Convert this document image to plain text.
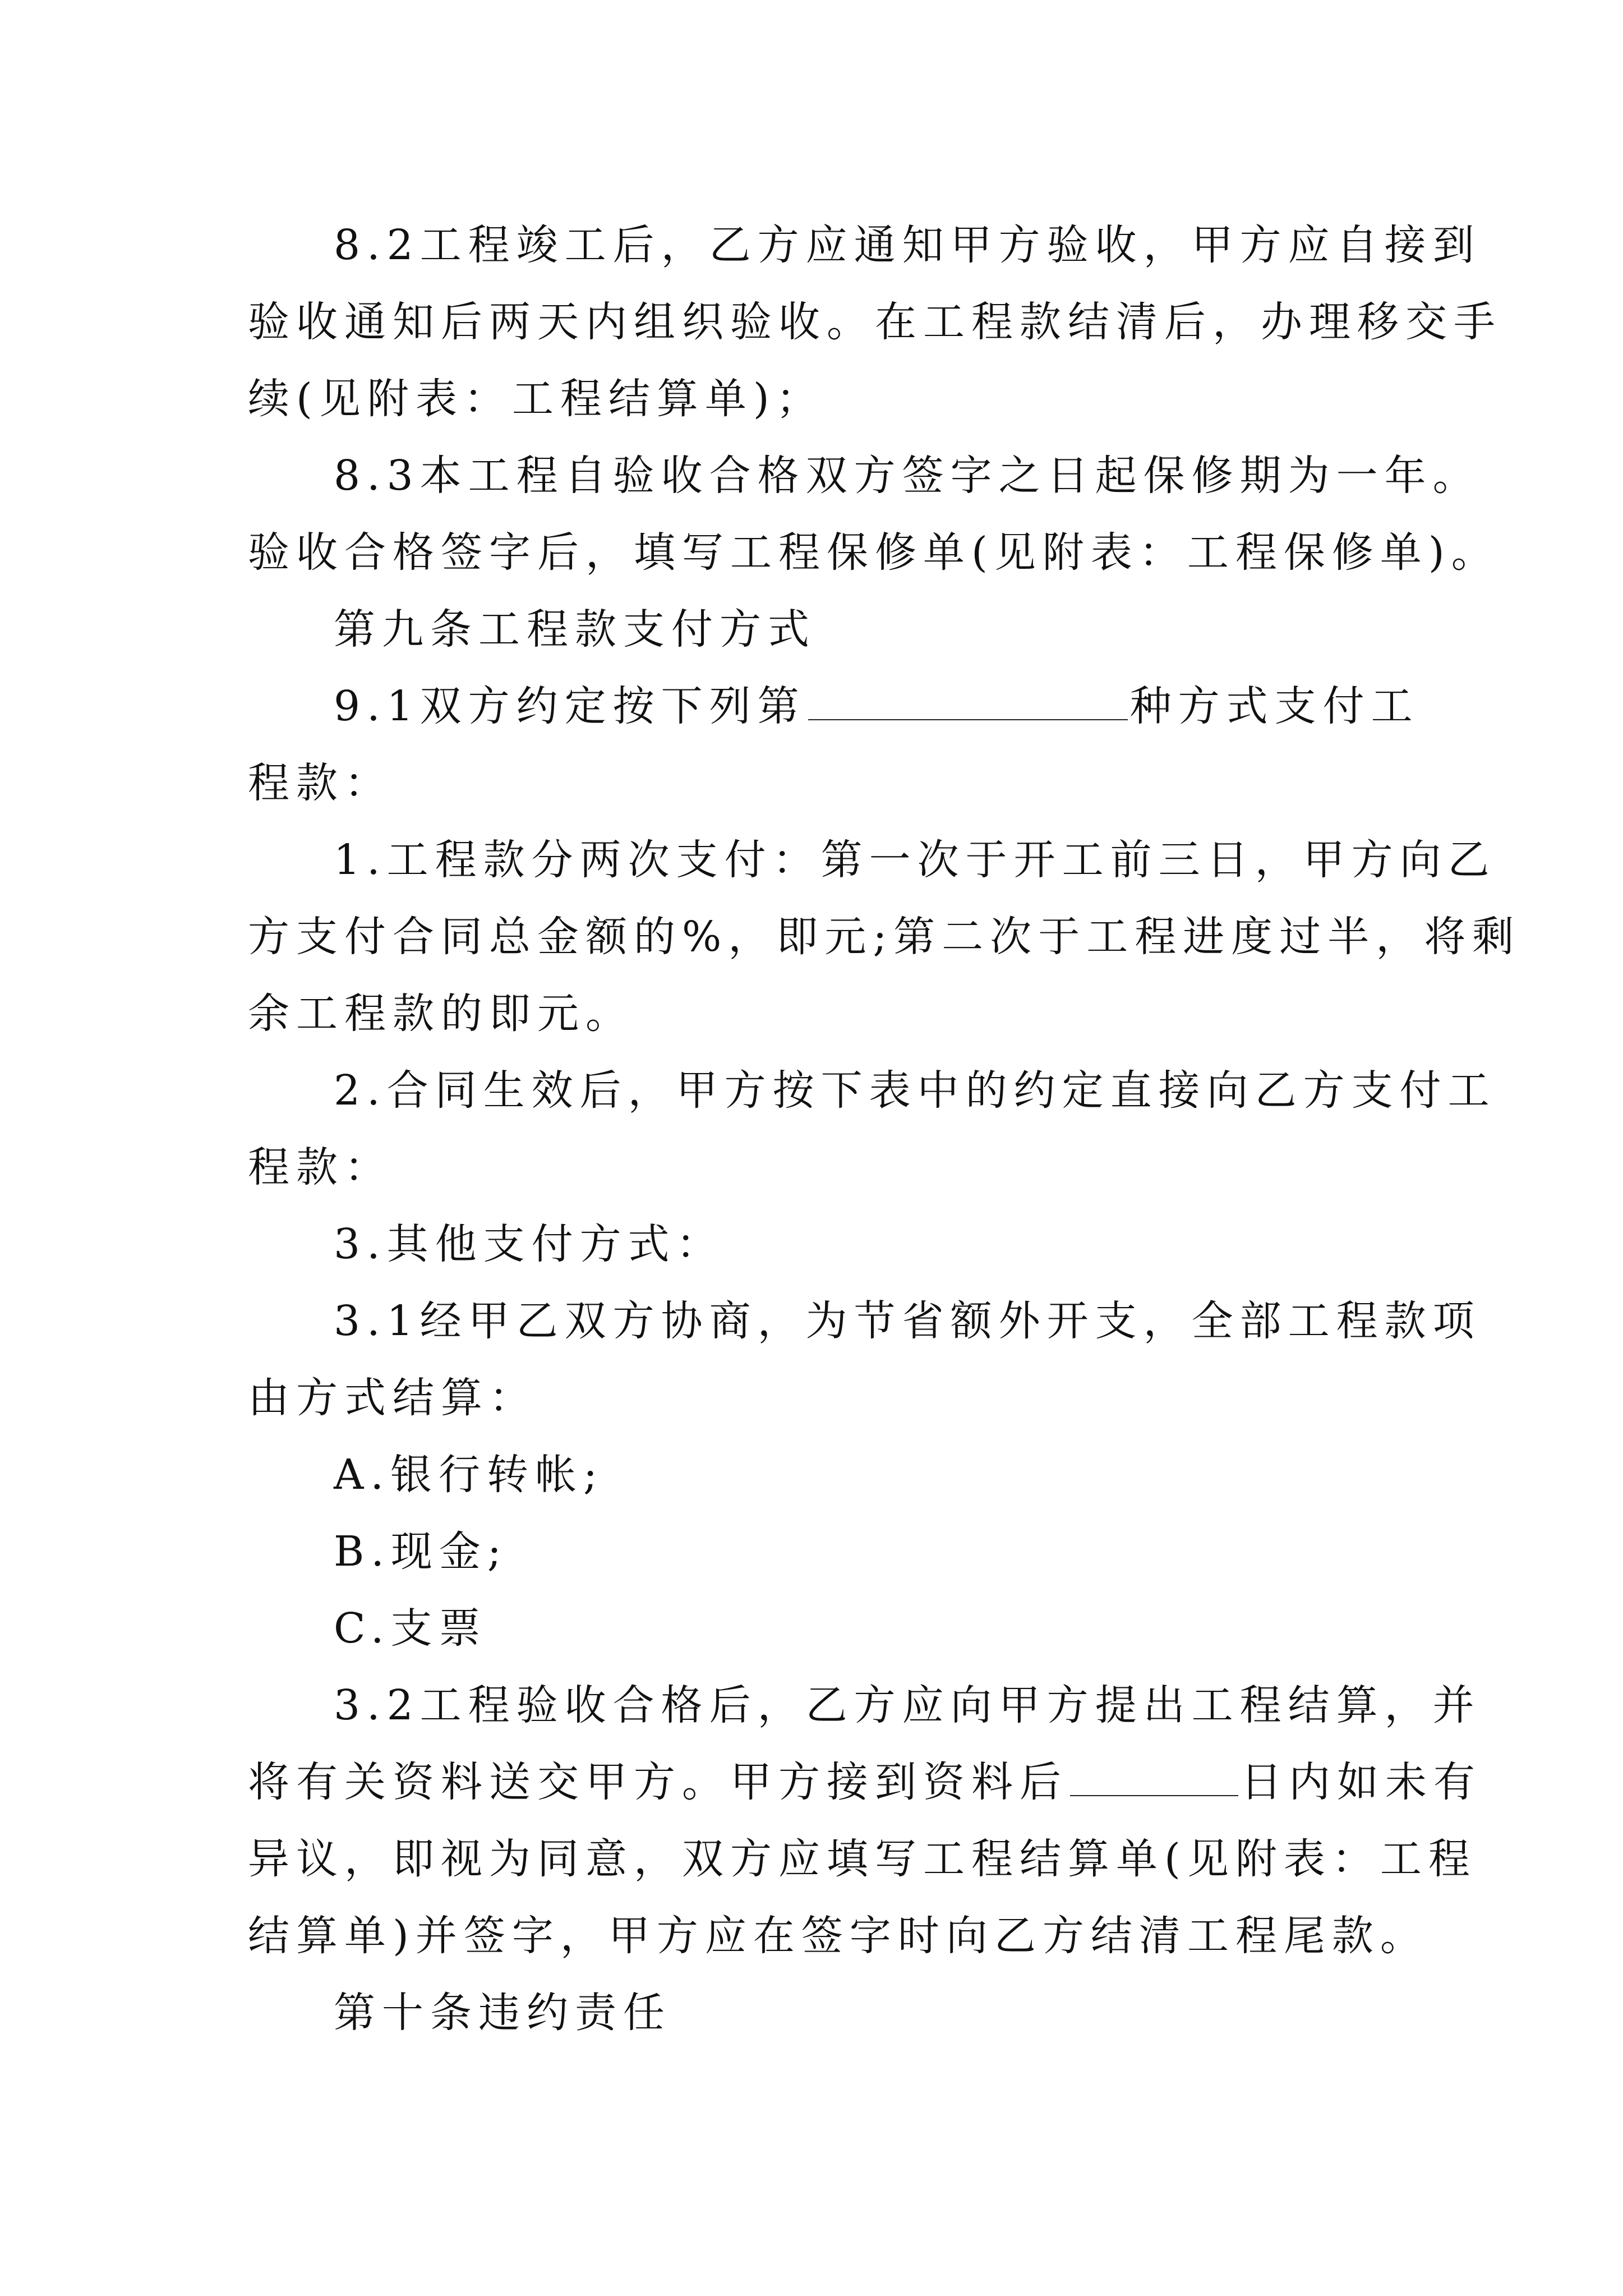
8.2工程竣工后，乙方应通知甲方验收，甲方应自接到

验收通知后两天内组织验收。在工程款结清后，办理移交手

续(见附表：工程结算单)；

8.3本工程自验收合格双方签字之日起保修期为一年。

验收合格签字后，填写工程保修单(见附表：工程保修单)。

第九条工程款支付方式

9.1双方约定按下列第	种方式支付工

程款：

1.工程款分两次支付：第一次于开工前三日，甲方向乙

方支付合同总金额的%，即元;第二次于工程进度过半，将剩

余工程款的即元。

2.合同生效后，甲方按下表中的约定直接向乙方支付工

程款：

3.其他支付方式：

3.1经甲乙双方协商，为节省额外开支，全部工程款项

由方式结算：

A.银行转帐;

B.现金;

C.支票

3.2工程验收合格后，乙方应向甲方提出工程结算，并

将有关资料送交甲方。甲方接到资料后	日内如未有

异议，即视为同意，双方应填写工程结算单(见附表：工程

结算单)并签字，甲方应在签字时向乙方结清工程尾款。

第十条违约责任
